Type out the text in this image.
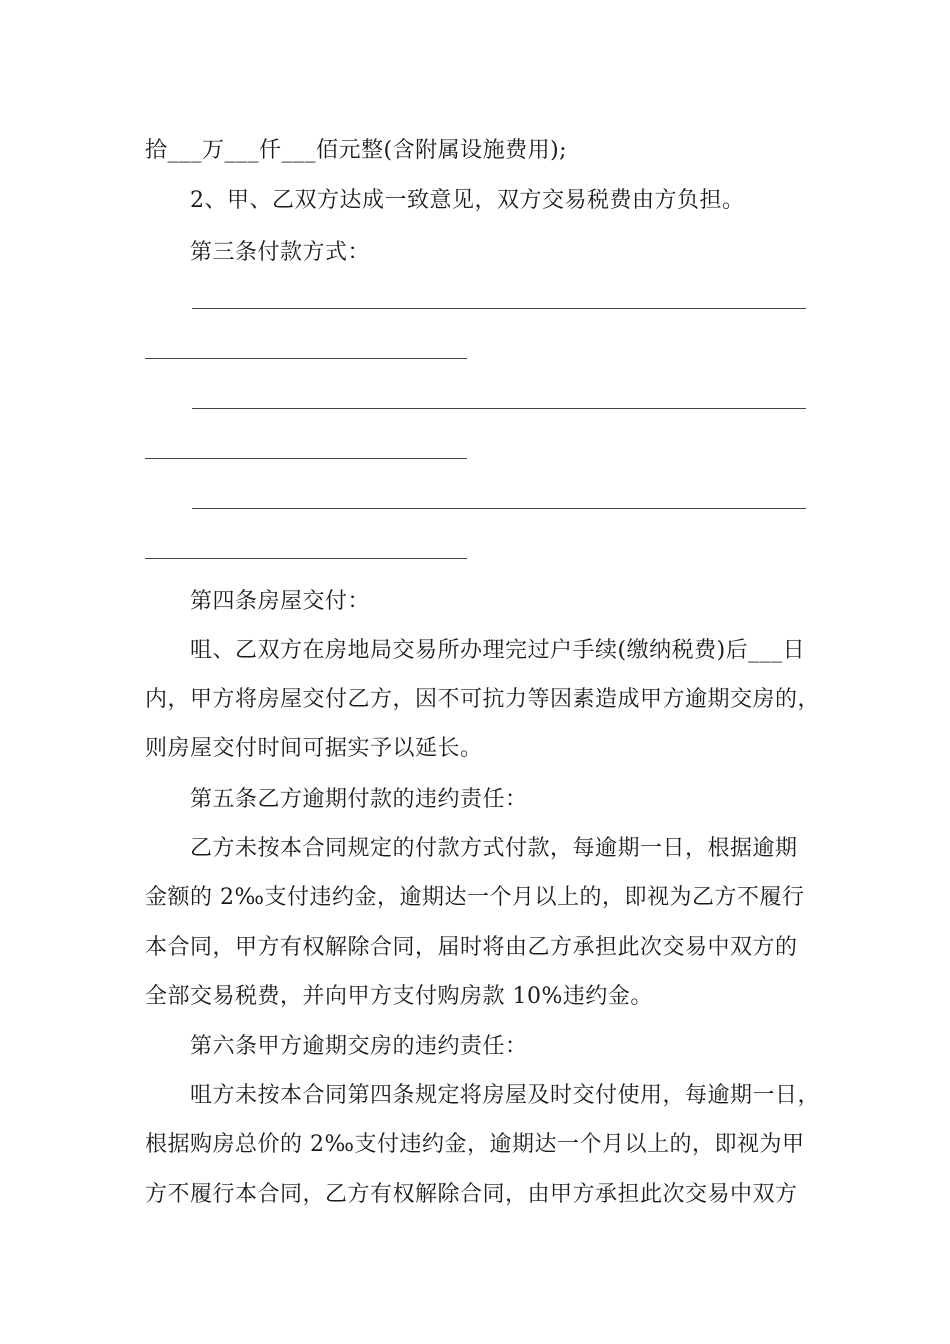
拾___万___仟___佰元整(含附属设施费用);
2、甲、乙双方达成一致意见，双方交易税费由方负担。
第三条付款方式：
第四条房屋交付：
咀、乙双方在房地局交易所办理完过户手续(缴纳税费)后___日
内，甲方将房屋交付乙方，因不可抗力等因素造成甲方逾期交房的，
则房屋交付时间可据实予以延长。
第五条乙方逾期付款的违约责任：
乙方未按本合同规定的付款方式付款，每逾期一日，根据逾期
金额的 2‰支付违约金，逾期达一个月以上的，即视为乙方不履行
本合同，甲方有权解除合同，届时将由乙方承担此次交易中双方的
全部交易税费，并向甲方支付购房款 10%违约金。
第六条甲方逾期交房的违约责任：
咀方未按本合同第四条规定将房屋及时交付使用，每逾期一日，
根据购房总价的 2‰支付违约金，逾期达一个月以上的，即视为甲
方不履行本合同，乙方有权解除合同，由甲方承担此次交易中双方
